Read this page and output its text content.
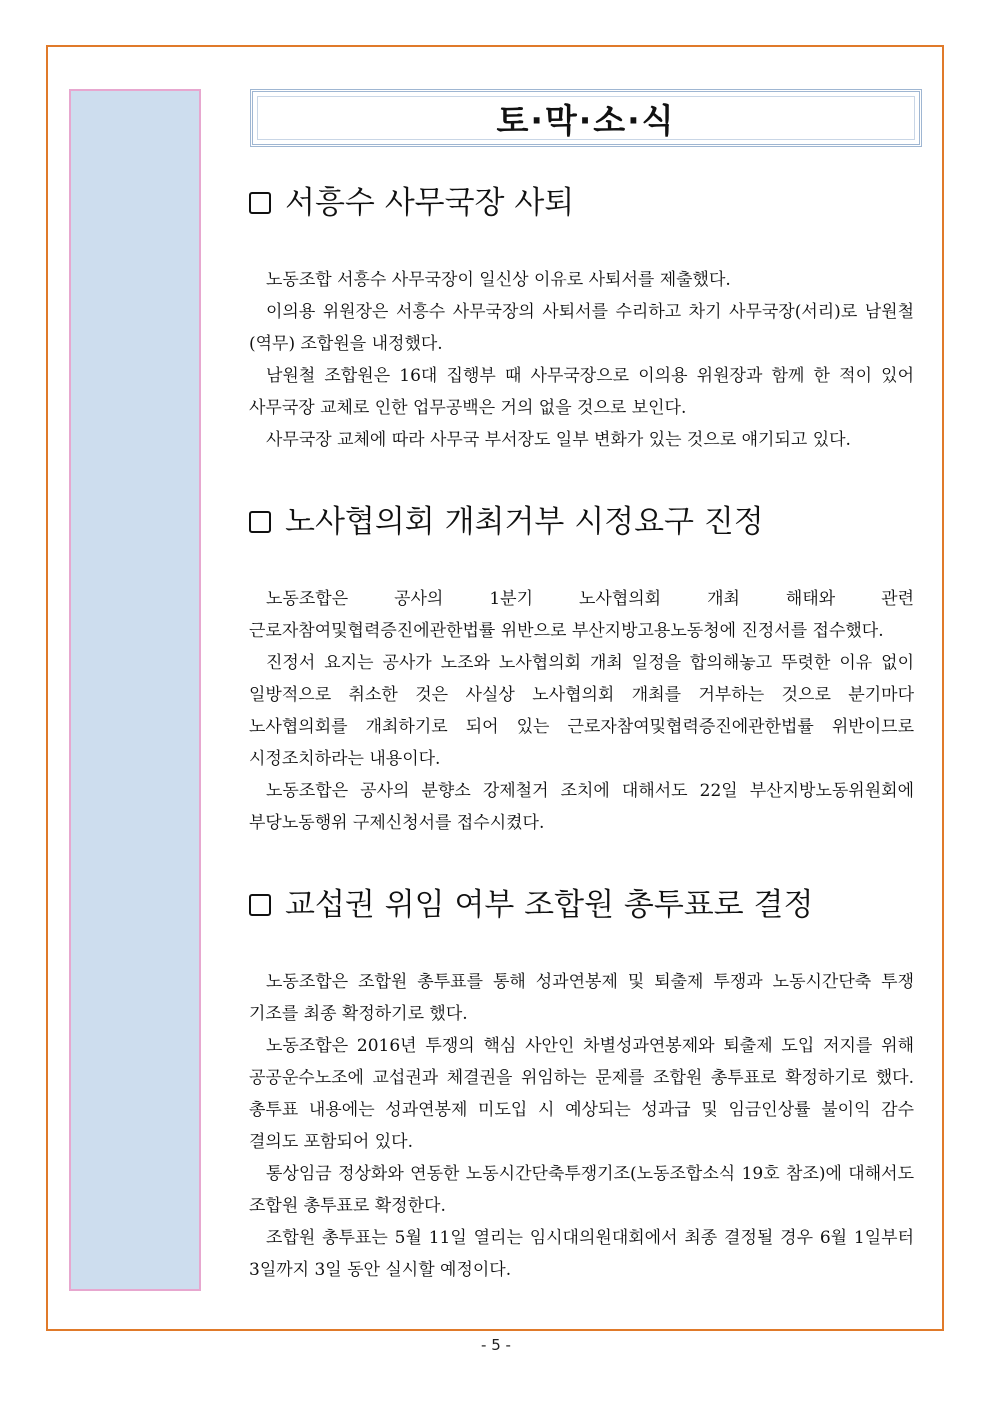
토·막·소·식
서흥수 사무국장 사퇴

노동조합 서흥수 사무국장이 일신상 이유로 사퇴서를 제출했다.

이의용 위원장은 서흥수 사무국장의 사퇴서를 수리하고 차기 사무국장(서리)로 남원철(역무) 조합원을 내정했다.

남원철 조합원은 16대 집행부 때 사무국장으로 이의용 위원장과 함께 한 적이 있어 사무국장 교체로 인한 업무공백은 거의 없을 것으로 보인다.

사무국장 교체에 따라 사무국 부서장도 일부 변화가 있는 것으로 얘기되고 있다.

노사협의회 개최거부 시정요구 진정

노동조합은 공사의 1분기 노사협의회 개최 해태와 관련 근로자참여및협력증진에관한법률 위반으로 부산지방고용노동청에 진정서를 접수했다.

진정서 요지는 공사가 노조와 노사협의회 개최 일정을 합의해놓고 뚜렷한 이유 없이 일방적으로 취소한 것은 사실상 노사협의회 개최를 거부하는 것으로 분기마다 노사협의회를 개최하기로 되어 있는 근로자참여및협력증진에관한법률 위반이므로 시정조치하라는 내용이다.

노동조합은 공사의 분향소 강제철거 조치에 대해서도 22일 부산지방노동위원회에 부당노동행위 구제신청서를 접수시켰다.

교섭권 위임 여부 조합원 총투표로 결정

노동조합은 조합원 총투표를 통해 성과연봉제 및 퇴출제 투쟁과 노동시간단축 투쟁 기조를 최종 확정하기로 했다.

노동조합은 2016년 투쟁의 핵심 사안인 차별성과연봉제와 퇴출제 도입 저지를 위해 공공운수노조에 교섭권과 체결권을 위임하는 문제를 조합원 총투표로 확정하기로 했다. 총투표 내용에는 성과연봉제 미도입 시 예상되는 성과급 및 임금인상률 불이익 감수 결의도 포함되어 있다.

통상임금 정상화와 연동한 노동시간단축투쟁기조(노동조합소식 19호 참조)에 대해서도 조합원 총투표로 확정한다.

조합원 총투표는 5월 11일 열리는 임시대의원대회에서 최종 결정될 경우 6월 1일부터 3일까지 3일 동안 실시할 예정이다.

- 5 -
